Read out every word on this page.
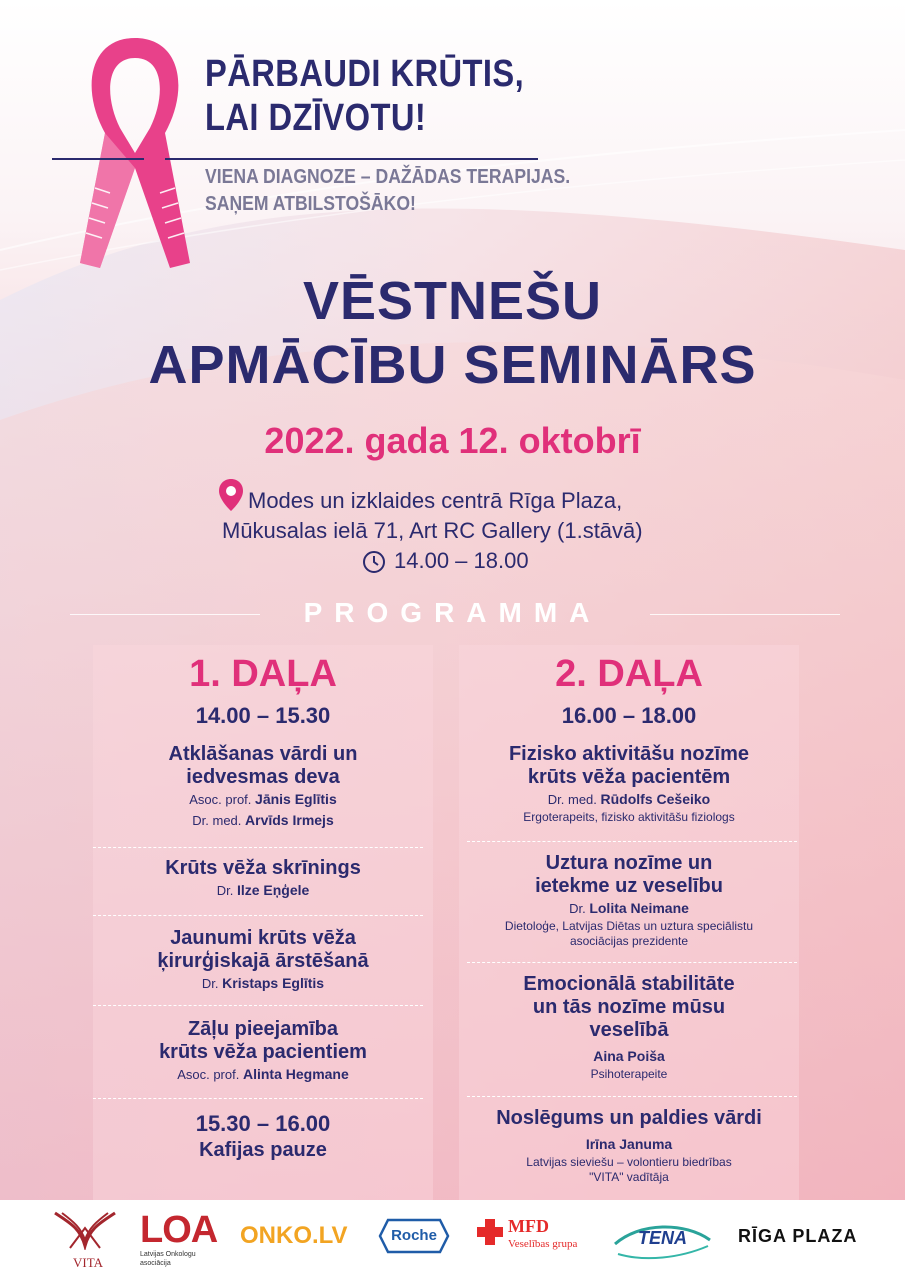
PĀRBAUDI KRŪTIS,
LAI DZĪVOTU!
VIENA DIAGNOZE – DAŽĀDAS TERAPIJAS.
SAŅEM ATBILSTOŠĀKO!
VĒSTNEŠU
APMĀCĪBU SEMINĀRS
2022. gada 12. oktobrī
Modes un izklaides centrā Rīga Plaza,
Mūkusalas ielā 71, Art RC Gallery (1.stāvā)
14.00 – 18.00
PROGRAMMA
1. DAĻA
14.00 – 15.30
Atklāšanas vārdi un
iedvesmas deva
Asoc. prof. Jānis Eglītis
Dr. med. Arvīds Irmejs
Krūts vēža skrīnings
Dr. Ilze Eņģele
Jaunumi krūts vēža
ķirurģiskajā ārstēšanā
Dr. Kristaps Eglītis
Zāļu pieejamība
krūts vēža pacientiem
Asoc. prof. Alinta Hegmane
15.30 – 16.00
Kafijas pauze
2. DAĻA
16.00 – 18.00
Fizisko aktivitāšu nozīme
krūts vēža pacientēm
Dr. med. Rūdolfs Cešeiko
Ergoterapeits, fizisko aktivitāšu fiziologs
Uztura nozīme un
ietekme uz veselību
Dr. Lolita Neimane
Dietoloģe, Latvijas Diētas un uztura speciālistu
asociācijas prezidente
Emocionālā stabilitāte
un tās nozīme mūsu
veselībā
Aina Poiša
Psihoterapeite
Noslēgums un paldies vārdi
Irīna Januma
Latvijas sieviešu – volontieru biedrības
"VITA" vadītāja
VITA
LOA
Latvijas Onkologu asociācija
ONKO.LV	Roche	MFD
Veselības grupa	TENA	RĪGA PLAZA
